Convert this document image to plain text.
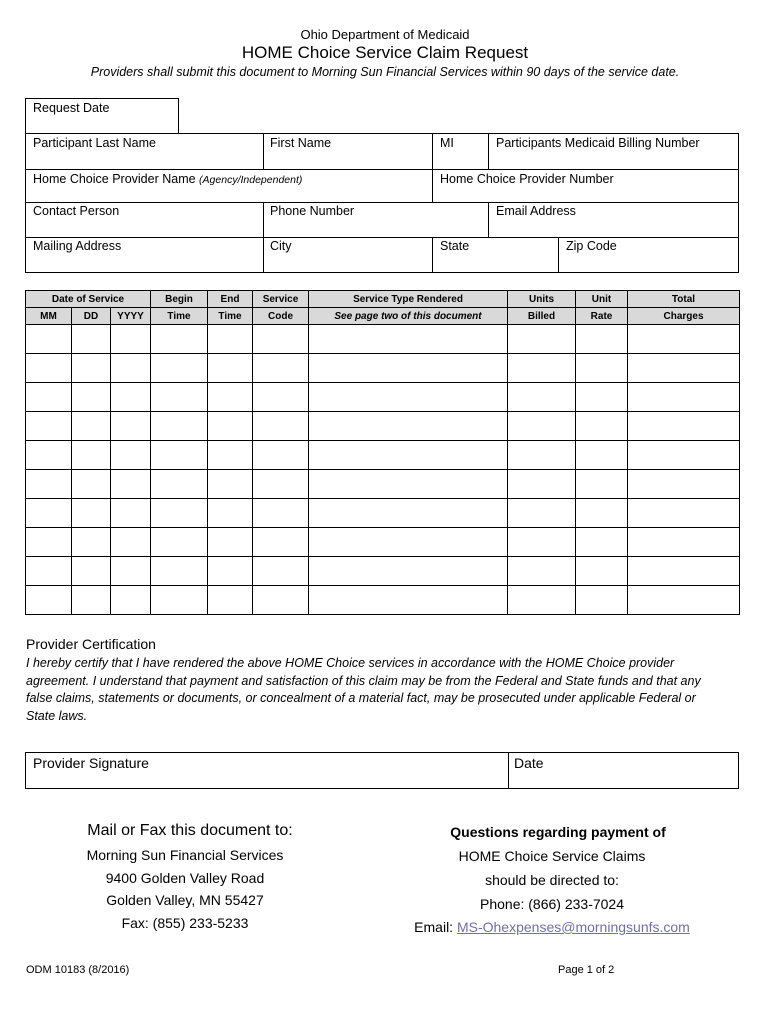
Ohio Department of Medicaid
HOME Choice Service Claim Request
Providers shall submit this document to Morning Sun Financial Services within 90 days of the service date.
Request Date
Participant Last Name	First Name	MI	Participants Medicaid Billing Number
Home Choice Provider Name (Agency/Independent)	Home Choice Provider Number
Contact Person	Phone Number	Email Address
Mailing Address	City	State	Zip Code
Date of Service			Begin	End	Service	Service Type Rendered	Units	Unit	Total
MM	DD	YYYY	Time	Time	Code	See page two of this document	Billed	Rate	Charges

Provider Certification
I hereby certify that I have rendered the above HOME Choice services in accordance with the HOME Choice provider agreement. I understand that payment and satisfaction of this claim may be from the Federal and State funds and that any false claims, statements or documents, or concealment of a material fact, may be prosecuted under applicable Federal or State laws.
Provider Signature	Date
Mail or Fax this document to:
Morning Sun Financial Services
9400 Golden Valley Road
Golden Valley, MN 55427
Fax: (855) 233-5233
Questions regarding payment of
HOME Choice Service Claims
should be directed to:
Phone: (866) 233-7024
Email: MS-Ohexpenses@morningsunfs.com
ODM 10183 (8/2016)	Page 1 of 2
